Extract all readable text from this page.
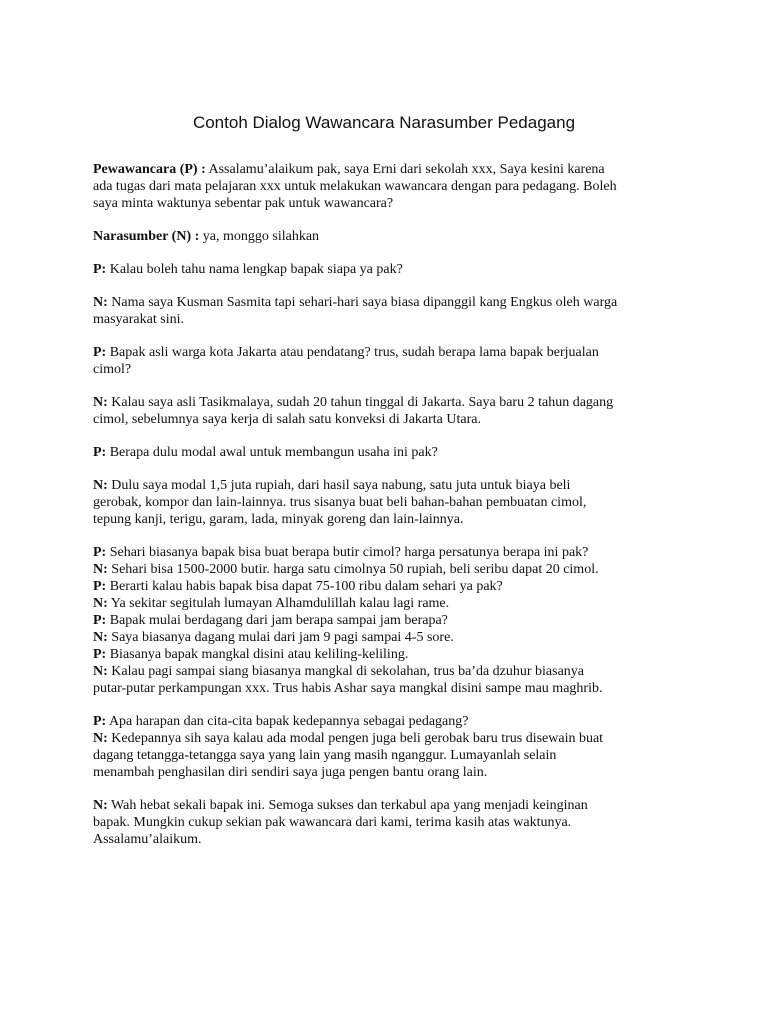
Contoh Dialog Wawancara Narasumber Pedagang
Pewawancara (P) : Assalamu’alaikum pak, saya Erni dari sekolah xxx, Saya kesini karena
ada tugas dari mata pelajaran xxx untuk melakukan wawancara dengan para pedagang. Boleh
saya minta waktunya sebentar pak untuk wawancara?
Narasumber (N) : ya, monggo silahkan
P: Kalau boleh tahu nama lengkap bapak siapa ya pak?
N: Nama saya Kusman Sasmita tapi sehari-hari saya biasa dipanggil kang Engkus oleh warga
masyarakat sini.
P: Bapak asli warga kota Jakarta atau pendatang? trus, sudah berapa lama bapak berjualan
cimol?
N: Kalau saya asli Tasikmalaya, sudah 20 tahun tinggal di Jakarta. Saya baru 2 tahun dagang
cimol, sebelumnya saya kerja di salah satu konveksi di Jakarta Utara.
P: Berapa dulu modal awal untuk membangun usaha ini pak?
N: Dulu saya modal 1,5 juta rupiah, dari hasil saya nabung, satu juta untuk biaya beli
gerobak, kompor dan lain-lainnya. trus sisanya buat beli bahan-bahan pembuatan cimol,
tepung kanji, terigu, garam, lada, minyak goreng dan lain-lainnya.
P: Sehari biasanya bapak bisa buat berapa butir cimol? harga persatunya berapa ini pak?
N: Sehari bisa 1500-2000 butir. harga satu cimolnya 50 rupiah, beli seribu dapat 20 cimol.
P: Berarti kalau habis bapak bisa dapat 75-100 ribu dalam sehari ya pak?
N: Ya sekitar segitulah lumayan Alhamdulillah kalau lagi rame.
P: Bapak mulai berdagang dari jam berapa sampai jam berapa?
N: Saya biasanya dagang mulai dari jam 9 pagi sampai 4-5 sore.
P: Biasanya bapak mangkal disini atau keliling-keliling.
N: Kalau pagi sampai siang biasanya mangkal di sekolahan, trus ba’da dzuhur biasanya
putar-putar perkampungan xxx. Trus habis Ashar saya mangkal disini sampe mau maghrib.
P: Apa harapan dan cita-cita bapak kedepannya sebagai pedagang?
N: Kedepannya sih saya kalau ada modal pengen juga beli gerobak baru trus disewain buat
dagang tetangga-tetangga saya yang lain yang masih nganggur. Lumayanlah selain
menambah penghasilan diri sendiri saya juga pengen bantu orang lain.
N: Wah hebat sekali bapak ini. Semoga sukses dan terkabul apa yang menjadi keinginan
bapak. Mungkin cukup sekian pak wawancara dari kami, terima kasih atas waktunya.
Assalamu’alaikum.
